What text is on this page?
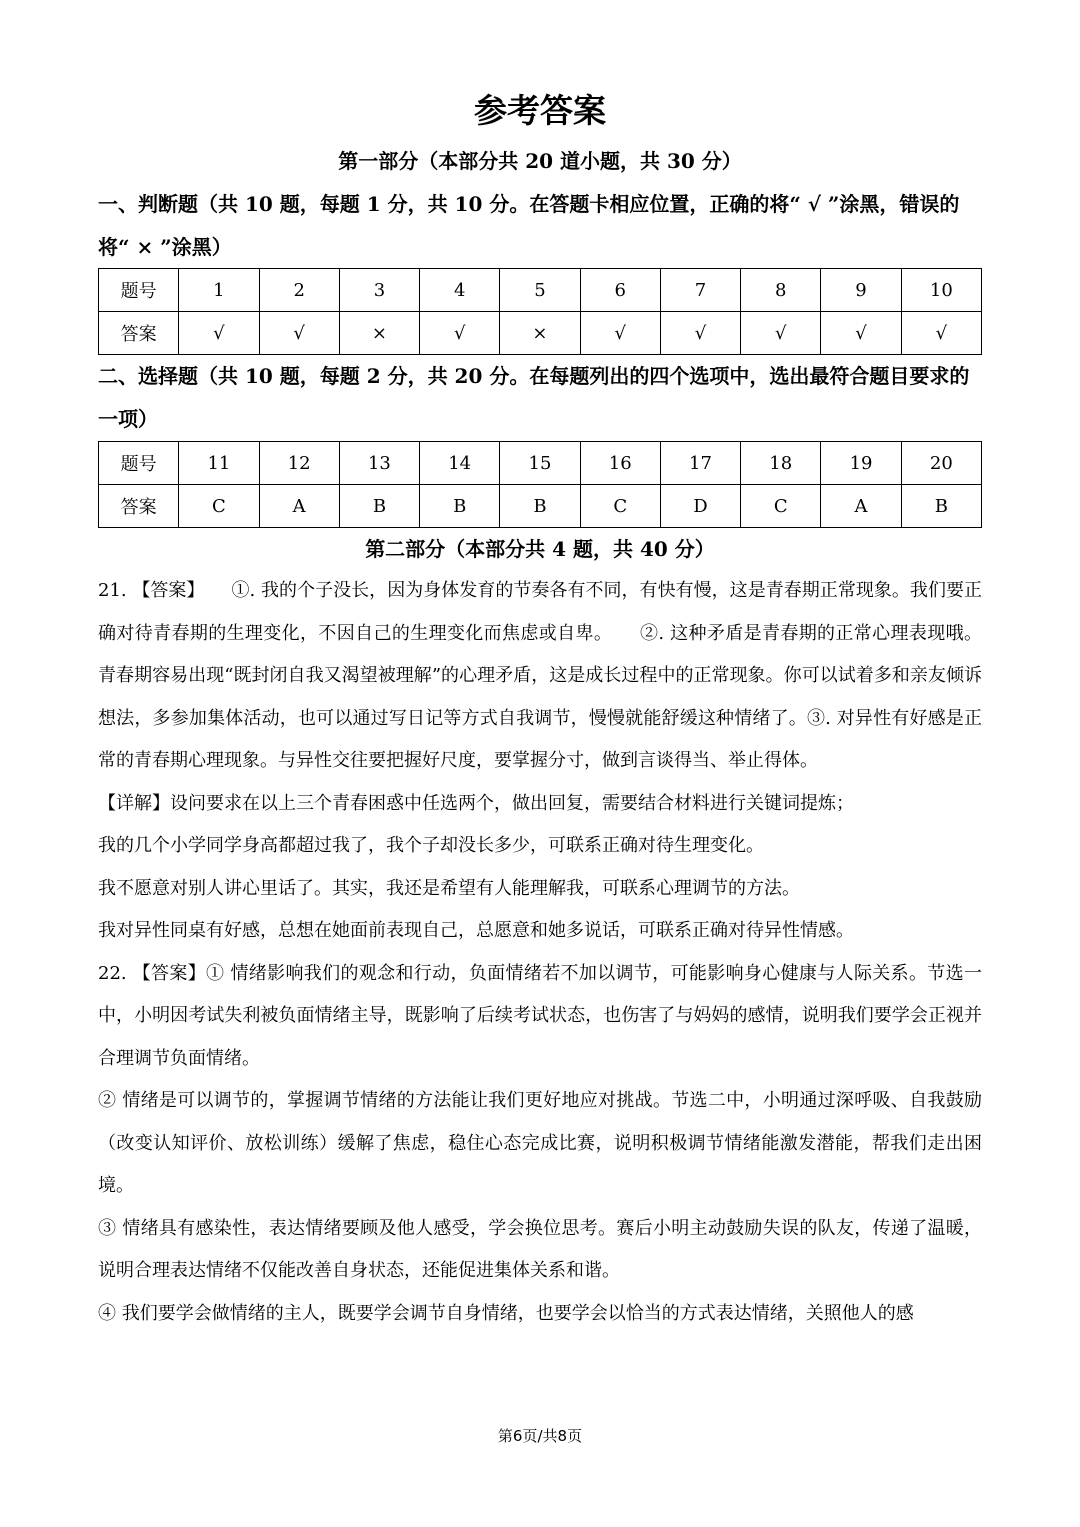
参考答案
第一部分（本部分共 20 道小题，共 30 分）
一、判断题（共 10 题，每题 1 分，共 10 分。在答题卡相应位置，正确的将“ √ ”涂黑，错误的将“ × ”涂黑）
题号	1	2	3	4	5	6	7	8	9	10
答案	√	√	×	√	×	√	√	√	√	√
二、选择题（共 10 题，每题 2 分，共 20 分。在每题列出的四个选项中，选出最符合题目要求的一项）
题号	11	12	13	14	15	16	17	18	19	20
答案	C	A	B	B	B	C	D	C	A	B
第二部分（本部分共 4 题，共 40 分）

21. 【答案】　　①. 我的个子没长，因为身体发育的节奏各有不同，有快有慢，这是青春期正常现象。我们要正确对待青春期的生理变化，不因自己的生理变化而焦虑或自卑。　　②. 这种矛盾是青春期的正常心理表现哦。青春期容易出现“既封闭自我又渴望被理解”的心理矛盾，这是成长过程中的正常现象。你可以试着多和亲友倾诉想法，多参加集体活动，也可以通过写日记等方式自我调节，慢慢就能舒缓这种情绪了。③. 对异性有好感是正常的青春期心理现象。与异性交往要把握好尺度，要掌握分寸，做到言谈得当、举止得体。

【详解】设问要求在以上三个青春困惑中任选两个，做出回复，需要结合材料进行关键词提炼；

我的几个小学同学身高都超过我了，我个子却没长多少，可联系正确对待生理变化。

我不愿意对别人讲心里话了。其实，我还是希望有人能理解我，可联系心理调节的方法。

我对异性同桌有好感，总想在她面前表现自己，总愿意和她多说话，可联系正确对待异性情感。

22. 【答案】① 情绪影响我们的观念和行动，负面情绪若不加以调节，可能影响身心健康与人际关系。节选一中，小明因考试失利被负面情绪主导，既影响了后续考试状态，也伤害了与妈妈的感情，说明我们要学会正视并合理调节负面情绪。

② 情绪是可以调节的，掌握调节情绪的方法能让我们更好地应对挑战。节选二中，小明通过深呼吸、自我鼓励（改变认知评价、放松训练）缓解了焦虑，稳住心态完成比赛，说明积极调节情绪能激发潜能，帮我们走出困境。

③ 情绪具有感染性，表达情绪要顾及他人感受，学会换位思考。赛后小明主动鼓励失误的队友，传递了温暖，说明合理表达情绪不仅能改善自身状态，还能促进集体关系和谐。

④ 我们要学会做情绪的主人，既要学会调节自身情绪，也要学会以恰当的方式表达情绪，关照他人的感

第6页/共8页
